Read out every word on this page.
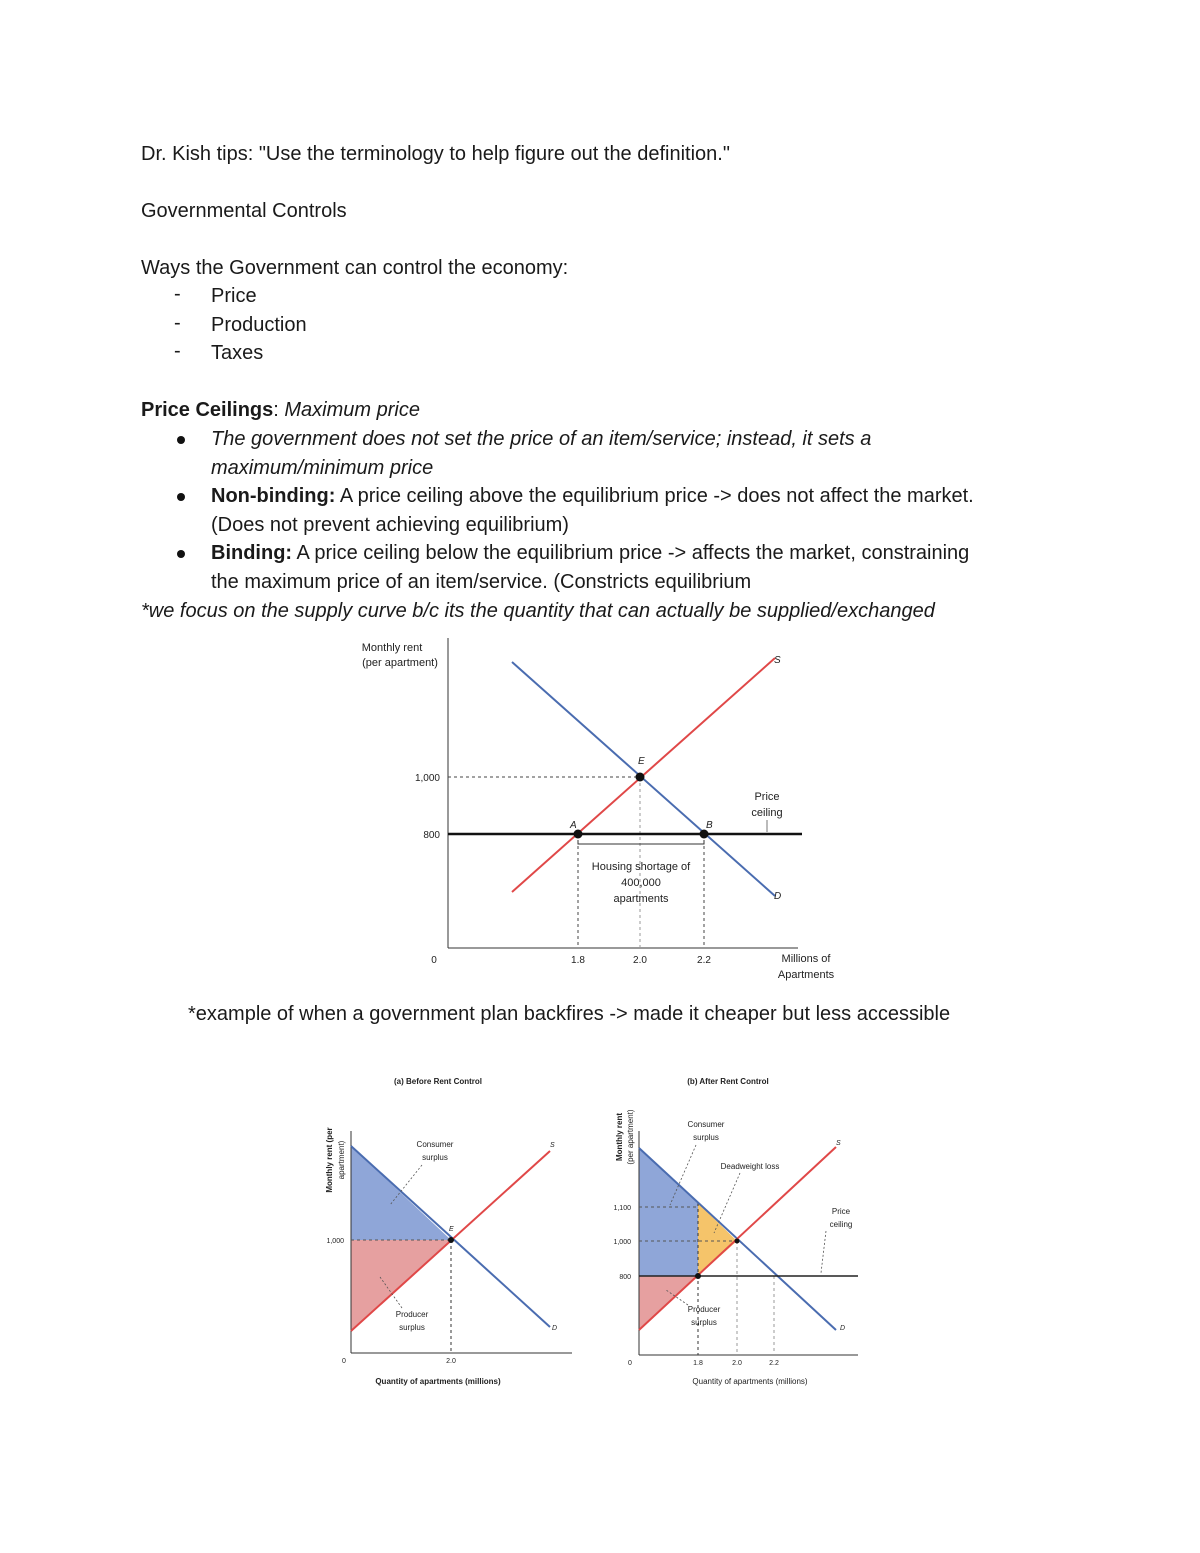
Dr. Kish tips: "Use the terminology to help figure out the definition."
Governmental Controls
Ways the Government can control the economy:
- Price
- Production
- Taxes
Price Ceilings: Maximum price
The government does not set the price of an item/service; instead, it sets a
maximum/minimum price
Non-binding: A price ceiling above the equilibrium price -> does not affect the market.
(Does not prevent achieving equilibrium)
Binding: A price ceiling below the equilibrium price -> affects the market, constraining
the maximum price of an item/service. (Constricts equilibrium
*we focus on the supply curve b/c its the quantity that can actually be supplied/exchanged
Monthly rent
(per apartment)	S
D
E
A	B
Price
ceiling
Housing shortage of
400,000
apartments
1,000
800
0	1.8	2.0	2.2	Millions of
Apartments
*example of when a government plan backfires -> made it cheaper but less accessible
(a) Before Rent Control
Monthly rent (per apartment)
E
S
D
Consumer
surplus
Producer
surplus
1,000
0	2.0
Quantity of apartments (millions)
(b) After Rent Control
Monthly rent (per apartment)	S
D
Consumer
surplus
Deadweight loss
Price
ceiling
Producer
surplus
1,100
1,000
800
0	1.8	2.0	2.2
Quantity of apartments (millions)
